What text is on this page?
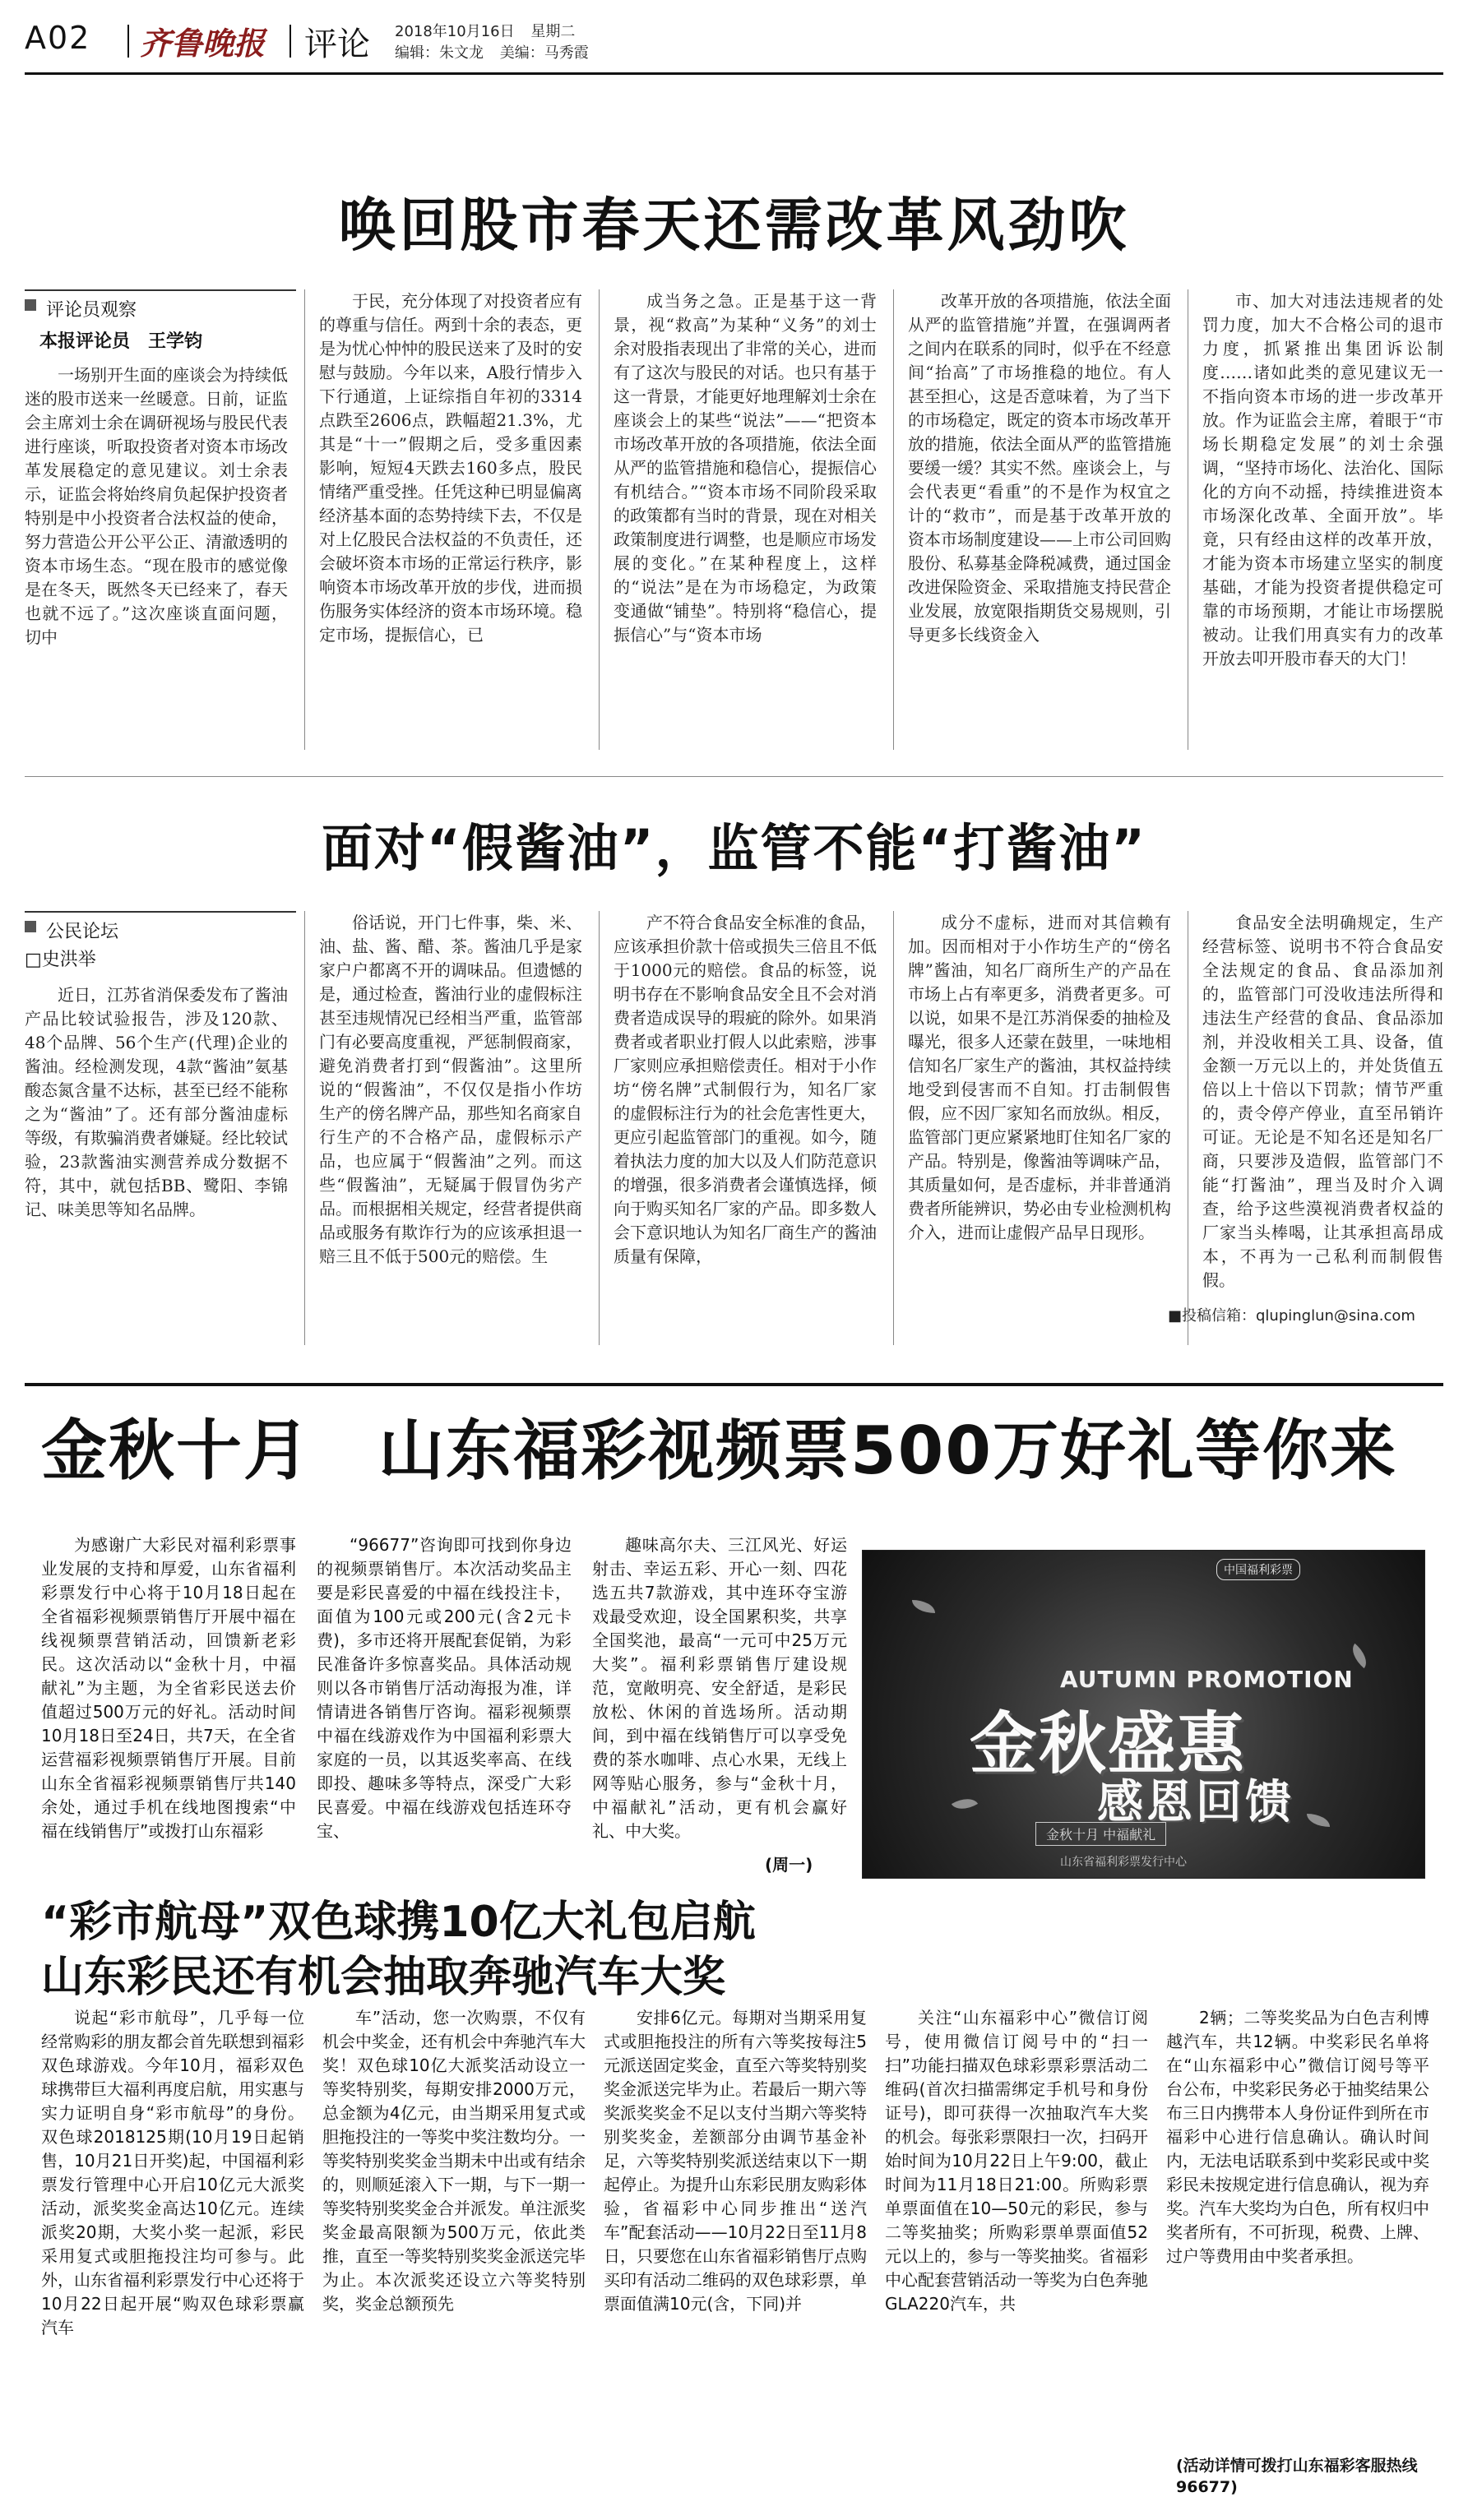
A02 齐鲁晚报 评论 2018年10月16日 星期二
编辑：朱文龙 美编：马秀霞
唤回股市春天还需改革风劲吹
评论员观察
本报评论员　王学钧

一场别开生面的座谈会为持续低迷的股市送来一丝暖意。日前，证监会主席刘士余在调研视场与股民代表进行座谈，听取投资者对资本市场改革发展稳定的意见建议。刘士余表示，证监会将始终肩负起保护投资者特别是中小投资者合法权益的使命，努力营造公开公平公正、清澈透明的资本市场生态。“现在股市的感觉像是在冬天，既然冬天已经来了，春天也就不远了。”这次座谈直面问题，切中

于民，充分体现了对投资者应有的尊重与信任。两到十余的表态，更是为忧心忡忡的股民送来了及时的安慰与鼓励。今年以来，A股行情步入下行通道，上证综指自年初的3314点跌至2606点，跌幅超21.3%，尤其是“十一”假期之后，受多重因素影响，短短4天跌去160多点，股民情绪严重受挫。任凭这种已明显偏离经济基本面的态势持续下去，不仅是对上亿股民合法权益的不负责任，还会破坏资本市场的正常运行秩序，影响资本市场改革开放的步伐，进而损伤服务实体经济的资本市场环境。稳定市场，提振信心，已

成当务之急。正是基于这一背景，视“救高”为某种“义务”的刘士余对股指表现出了非常的关心，进而有了这次与股民的对话。也只有基于这一背景，才能更好地理解刘士余在座谈会上的某些“说法”——“把资本市场改革开放的各项措施，依法全面从严的监管措施和稳信心，提振信心有机结合。”“资本市场不同阶段采取的政策都有当时的背景，现在对相关政策制度进行调整，也是顺应市场发展的变化。”在某种程度上，这样的“说法”是在为市场稳定，为政策变通做“铺垫”。特别将“稳信心，提振信心”与“资本市场

改革开放的各项措施，依法全面从严的监管措施”并置，在强调两者之间内在联系的同时，似乎在不经意间“抬高”了市场推稳的地位。有人甚至担心，这是否意味着，为了当下的市场稳定，既定的资本市场改革开放的措施，依法全面从严的监管措施要缓一缓？其实不然。座谈会上，与会代表更“看重”的不是作为权宜之计的“救市”，而是基于改革开放的资本市场制度建设——上市公司回购股份、私募基金降税减费，通过国金改进保险资金、采取措施支持民营企业发展，放宽限指期货交易规则，引导更多长线资金入

市、加大对违法违规者的处罚力度，加大不合格公司的退市力度，抓紧推出集团诉讼制度……诸如此类的意见建议无一不指向资本市场的进一步改革开放。作为证监会主席，着眼于“市场长期稳定发展”的刘士余强调，“坚持市场化、法治化、国际化的方向不动摇，持续推进资本市场深化改革、全面开放”。毕竟，只有经由这样的改革开放，才能为资本市场建立坚实的制度基础，才能为投资者提供稳定可靠的市场预期，才能让市场摆脱被动。让我们用真实有力的改革开放去叩开股市春天的大门！

面对“假酱油”，监管不能“打酱油”
公民论坛
□史洪举

近日，江苏省消保委发布了酱油产品比较试验报告，涉及120款、48个品牌、56个生产(代理)企业的酱油。经检测发现，4款“酱油”氨基酸态氮含量不达标，甚至已经不能称之为“酱油”了。还有部分酱油虚标等级，有欺骗消费者嫌疑。经比较试验，23款酱油实测营养成分数据不符，其中，就包括BB、鹭阳、李锦记、味美思等知名品牌。

俗话说，开门七件事，柴、米、油、盐、酱、醋、茶。酱油几乎是家家户户都离不开的调味品。但遗憾的是，通过检查，酱油行业的虚假标注甚至违规情况已经相当严重，监管部门有必要高度重视，严惩制假商家，避免消费者打到“假酱油”。这里所说的“假酱油”，不仅仅是指小作坊生产的傍名牌产品，那些知名商家自行生产的不合格产品，虚假标示产品，也应属于“假酱油”之列。而这些“假酱油”，无疑属于假冒伪劣产品。而根据相关规定，经营者提供商品或服务有欺诈行为的应该承担退一赔三且不低于500元的赔偿。生

产不符合食品安全标准的食品，应该承担价款十倍或损失三倍且不低于1000元的赔偿。食品的标签，说明书存在不影响食品安全且不会对消费者造成误导的瑕疵的除外。如果消费者或者职业打假人以此索赔，涉事厂家则应承担赔偿责任。相对于小作坊“傍名牌”式制假行为，知名厂家的虚假标注行为的社会危害性更大，更应引起监管部门的重视。如今，随着执法力度的加大以及人们防范意识的增强，很多消费者会谨慎选择，倾向于购买知名厂家的产品。即多数人会下意识地认为知名厂商生产的酱油质量有保障，

成分不虚标，进而对其信赖有加。因而相对于小作坊生产的“傍名牌”酱油，知名厂商所生产的产品在市场上占有率更多，消费者更多。可以说，如果不是江苏消保委的抽检及曝光，很多人还蒙在鼓里，一味地相信知名厂家生产的酱油，其权益持续地受到侵害而不自知。打击制假售假，应不因厂家知名而放纵。相反，监管部门更应紧紧地盯住知名厂家的产品。特别是，像酱油等调味产品，其质量如何，是否虚标，并非普通消费者所能辨识，势必由专业检测机构介入，进而让虚假产品早日现形。

食品安全法明确规定，生产经营标签、说明书不符合食品安全法规定的食品、食品添加剂的，监管部门可没收违法所得和违法生产经营的食品、食品添加剂，并没收相关工具、设备，值金额一万元以上的，并处货值五倍以上十倍以下罚款；情节严重的，责令停产停业，直至吊销许可证。无论是不知名还是知名厂商，只要涉及造假，监管部门不能“打酱油”，理当及时介入调查，给予这些漠视消费者权益的厂家当头棒喝，让其承担高昂成本，不再为一己私利而制假售假。

■投稿信箱：qlupinglun@sina.com
金秋十月　山东福彩视频票500万好礼等你来

为感谢广大彩民对福利彩票事业发展的支持和厚爱，山东省福利彩票发行中心将于10月18日起在全省福彩视频票销售厅开展中福在线视频票营销活动，回馈新老彩民。这次活动以“金秋十月，中福献礼”为主题，为全省彩民送去价值超过500万元的好礼。活动时间10月18日至24日，共7天，在全省运营福彩视频票销售厅开展。目前山东全省福彩视频票销售厅共140余处，通过手机在线地图搜索“中福在线销售厅”或拨打山东福彩

“96677”咨询即可找到你身边的视频票销售厅。本次活动奖品主要是彩民喜爱的中福在线投注卡，面值为100元或200元(含2元卡费)，多市还将开展配套促销，为彩民准备许多惊喜奖品。具体活动规则以各市销售厅活动海报为准，详情请进各销售厅咨询。福彩视频票中福在线游戏作为中国福利彩票大家庭的一员，以其返奖率高、在线即投、趣味多等特点，深受广大彩民喜爱。中福在线游戏包括连环夺宝、

趣味高尔夫、三江风光、好运射击、幸运五彩、开心一刻、四花选五共7款游戏，其中连环夺宝游戏最受欢迎，设全国累积奖，共享全国奖池，最高“一元可中25万元大奖”。福利彩票销售厅建设规范，宽敞明亮、安全舒适，是彩民放松、休闲的首选场所。活动期间，到中福在线销售厅可以享受免费的茶水咖啡、点心水果，无线上网等贴心服务，参与“金秋十月，中福献礼”活动，更有机会赢好礼、中大奖。

(周一)
中国福利彩票
AUTUMN PROMOTION
金秋盛惠
感恩回馈
金秋十月 中福献礼
山东省福利彩票发行中心
“彩市航母”双色球携10亿大礼包启航
山东彩民还有机会抽取奔驰汽车大奖

说起“彩市航母”，几乎每一位经常购彩的朋友都会首先联想到福彩双色球游戏。今年10月，福彩双色球携带巨大福利再度启航，用实惠与实力证明自身“彩市航母”的身份。双色球2018125期(10月19日起销售，10月21日开奖)起，中国福利彩票发行管理中心开启10亿元大派奖活动，派奖奖金高达10亿元。连续派奖20期，大奖小奖一起派，彩民采用复式或胆拖投注均可参与。此外，山东省福利彩票发行中心还将于10月22日起开展“购双色球彩票赢汽车

车”活动，您一次购票，不仅有机会中奖金，还有机会中奔驰汽车大奖！双色球10亿大派奖活动设立一等奖特别奖，每期安排2000万元，总金额为4亿元，由当期采用复式或胆拖投注的一等奖中奖注数均分。一等奖特别奖奖金当期未中出或有结余的，则顺延滚入下一期，与下一期一等奖特别奖奖金合并派发。单注派奖奖金最高限额为500万元，依此类推，直至一等奖特别奖奖金派送完毕为止。本次派奖还设立六等奖特别奖，奖金总额预先

安排6亿元。每期对当期采用复式或胆拖投注的所有六等奖按每注5元派送固定奖金，直至六等奖特别奖奖金派送完毕为止。若最后一期六等奖派奖奖金不足以支付当期六等奖特别奖奖金，差额部分由调节基金补足，六等奖特别奖派送结束以下一期起停止。为提升山东彩民朋友购彩体验，省福彩中心同步推出“送汽车”配套活动——10月22日至11月8日，只要您在山东省福彩销售厅点购买印有活动二维码的双色球彩票，单票面值满10元(含，下同)并

关注“山东福彩中心”微信订阅号，使用微信订阅号中的“扫一扫”功能扫描双色球彩票彩票活动二维码(首次扫描需绑定手机号和身份证号)，即可获得一次抽取汽车大奖的机会。每张彩票限扫一次，扫码开始时间为10月22日上午9:00，截止时间为11月18日21:00。所购彩票单票面值在10—50元的彩民，参与二等奖抽奖；所购彩票单票面值52元以上的，参与一等奖抽奖。省福彩中心配套营销活动一等奖为白色奔驰GLA220汽车，共

2辆；二等奖奖品为白色吉利博越汽车，共12辆。中奖彩民名单将在“山东福彩中心”微信订阅号等平台公布，中奖彩民务必于抽奖结果公布三日内携带本人身份证件到所在市福彩中心进行信息确认。确认时间内，无法电话联系到中奖彩民或中奖彩民未按规定进行信息确认，视为弃奖。汽车大奖均为白色，所有权归中奖者所有，不可折现，税费、上牌、过户等费用由中奖者承担。

(活动详情可拨打山东福彩客服热线96677)
